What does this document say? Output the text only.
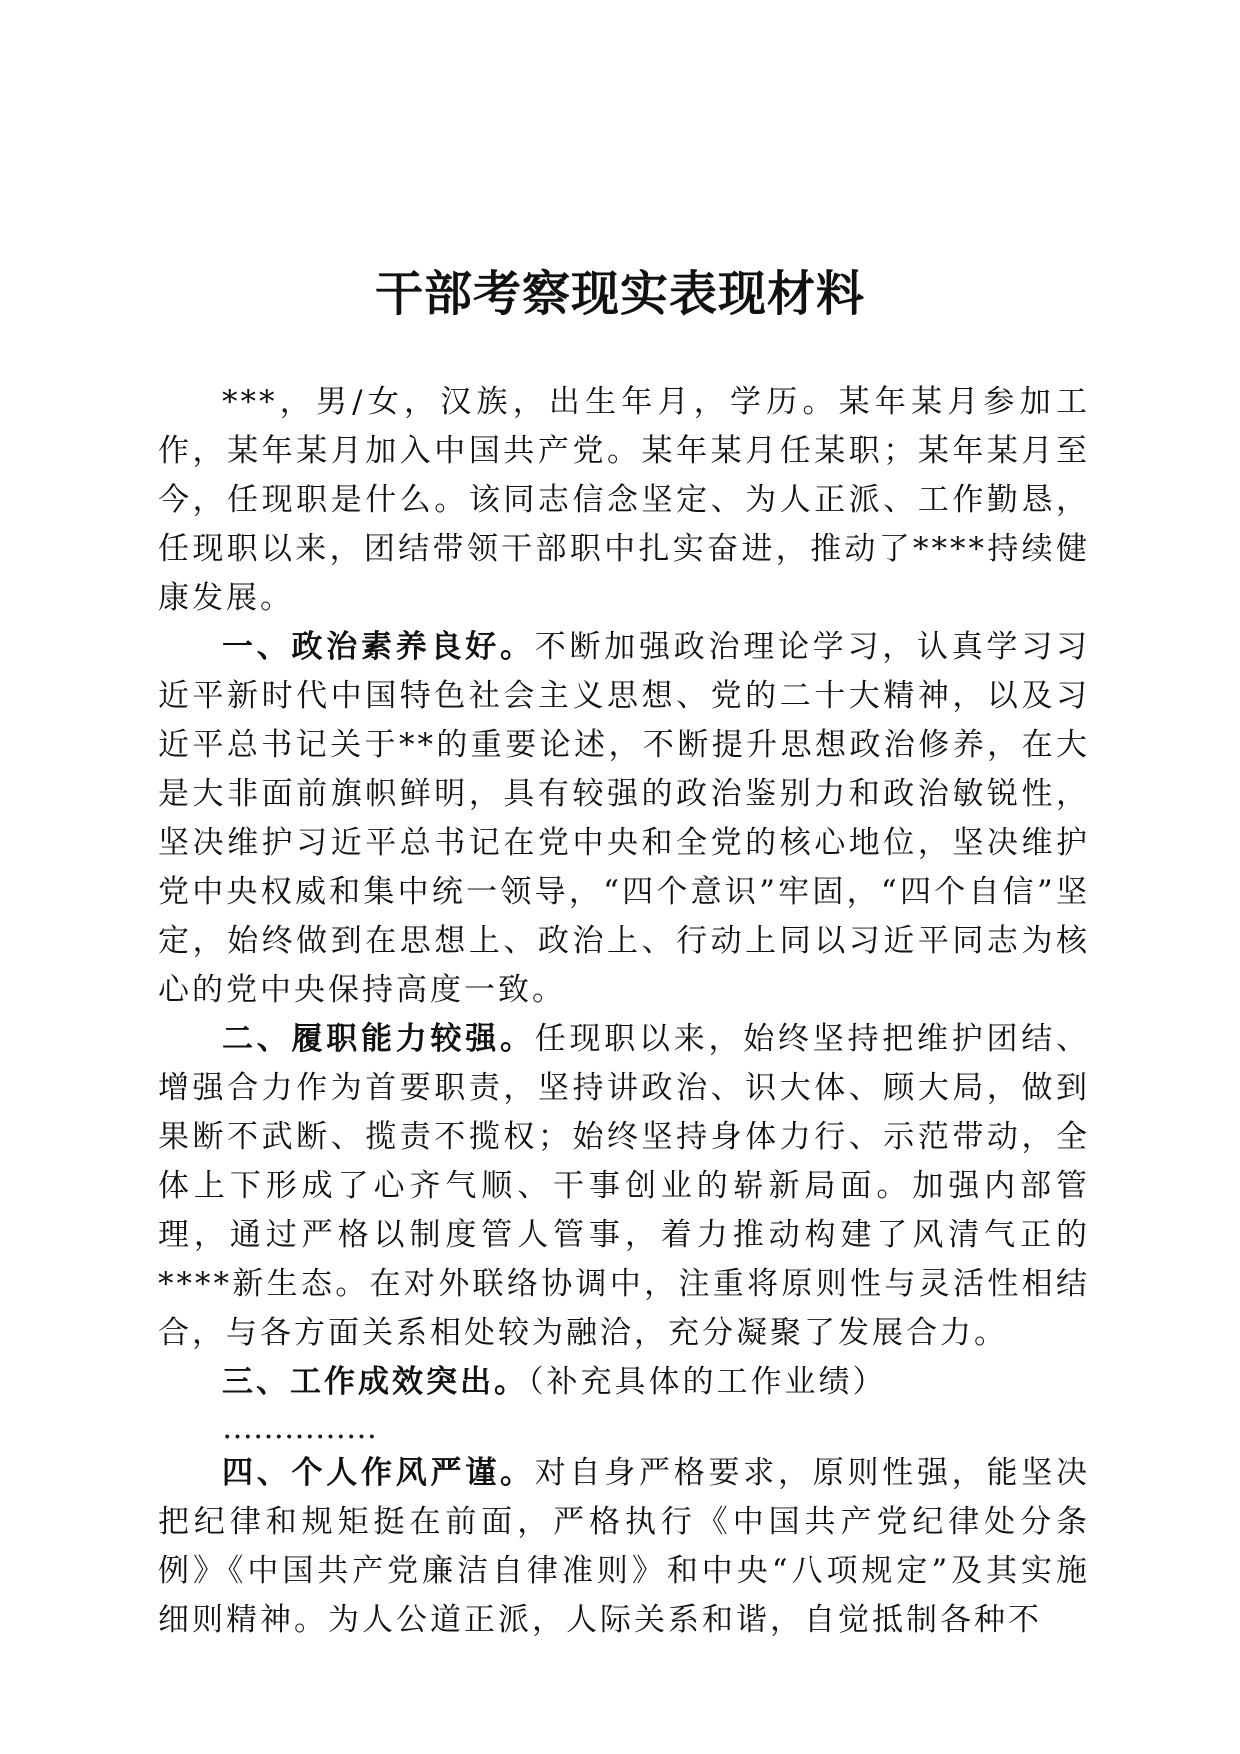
干部考察现实表现材料

***，男/女，汉族，出生年月，学历。某年某月参加工作，某年某月加入中国共产党。某年某月任某职；某年某月至今，任现职是什么。该同志信念坚定、为人正派、工作勤恳，任现职以来，团结带领干部职中扎实奋进，推动了****持续健康发展。

一、政治素养良好。不断加强政治理论学习，认真学习习近平新时代中国特色社会主义思想、党的二十大精神，以及习近平总书记关于**的重要论述，不断提升思想政治修养，在大是大非面前旗帜鲜明，具有较强的政治鉴别力和政治敏锐性，坚决维护习近平总书记在党中央和全党的核心地位，坚决维护党中央权威和集中统一领导，“四个意识”牢固，“四个自信”坚定，始终做到在思想上、政治上、行动上同以习近平同志为核心的党中央保持高度一致。

二、履职能力较强。任现职以来，始终坚持把维护团结、增强合力作为首要职责，坚持讲政治、识大体、顾大局，做到果断不武断、揽责不揽权；始终坚持身体力行、示范带动，全体上下形成了心齐气顺、干事创业的崭新局面。加强内部管理，通过严格以制度管人管事，着力推动构建了风清气正的****新生态。在对外联络协调中，注重将原则性与灵活性相结合，与各方面关系相处较为融洽，充分凝聚了发展合力。

三、工作成效突出。（补充具体的工作业绩）

……………

四、个人作风严谨。对自身严格要求，原则性强，能坚决把纪律和规矩挺在前面，严格执行《中国共产党纪律处分条例》《中国共产党廉洁自律准则》和中央“八项规定”及其实施细则精神。为人公道正派，人际关系和谐，自觉抵制各种不
